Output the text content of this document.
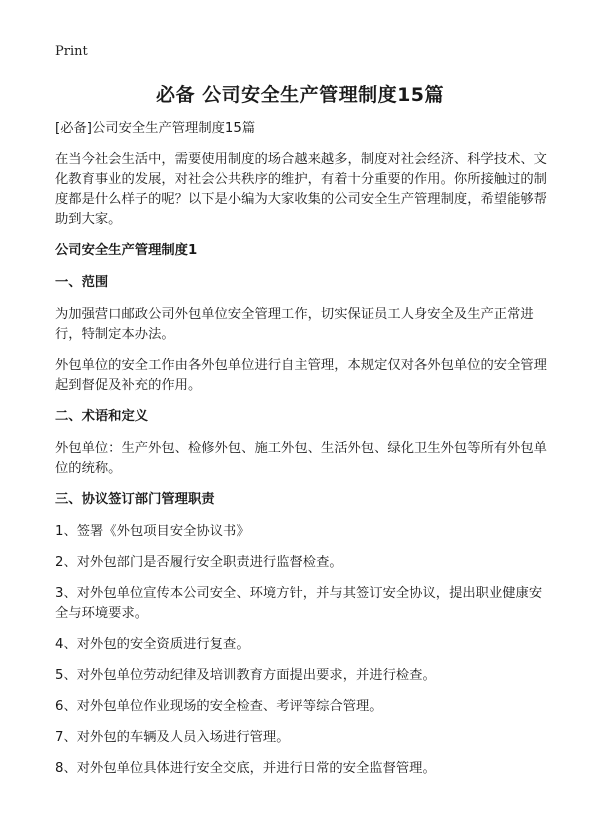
Print
必备 公司安全生产管理制度15篇

[必备]公司安全生产管理制度15篇

在当今社会生活中，需要使用制度的场合越来越多，制度对社会经济、科学技术、文化教育事业的发展，对社会公共秩序的维护，有着十分重要的作用。你所接触过的制度都是什么样子的呢？以下是小编为大家收集的公司安全生产管理制度，希望能够帮助到大家。

公司安全生产管理制度1

一、范围

为加强营口邮政公司外包单位安全管理工作，切实保证员工人身安全及生产正常进行，特制定本办法。

外包单位的安全工作由各外包单位进行自主管理，本规定仅对各外包单位的安全管理起到督促及补充的作用。

二、术语和定义

外包单位：生产外包、检修外包、施工外包、生活外包、绿化卫生外包等所有外包单位的统称。

三、协议签订部门管理职责

1、签署《外包项目安全协议书》

2、对外包部门是否履行安全职责进行监督检查。

3、对外包单位宣传本公司安全、环境方针，并与其签订安全协议，提出职业健康安全与环境要求。

4、对外包的安全资质进行复查。

5、对外包单位劳动纪律及培训教育方面提出要求，并进行检查。

6、对外包单位作业现场的安全检查、考评等综合管理。

7、对外包的车辆及人员入场进行管理。

8、对外包单位具体进行安全交底，并进行日常的安全监督管理。
